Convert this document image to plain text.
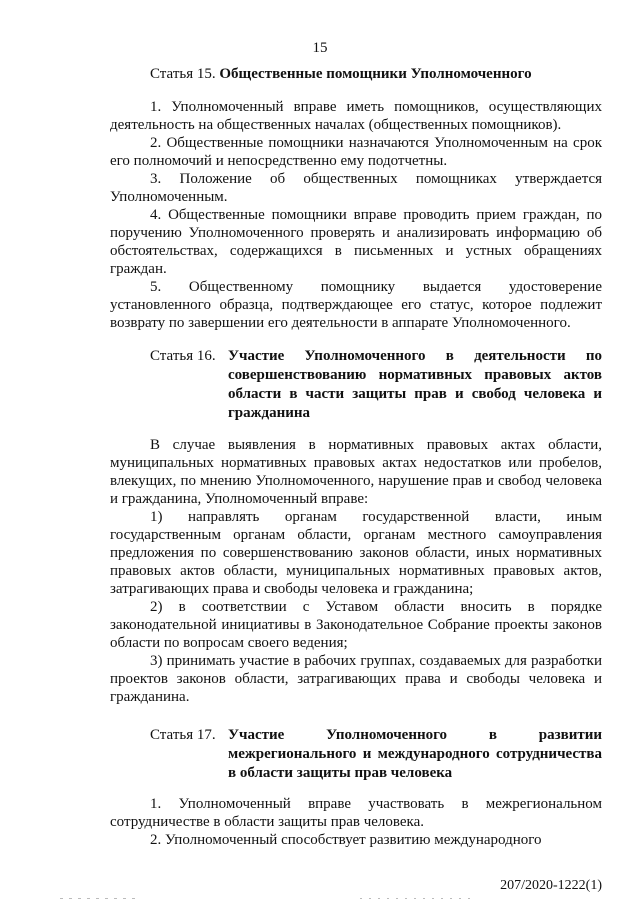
15
Статья 15. Общественные помощники Уполномоченного

1. Уполномоченный вправе иметь помощников, осуществляющих деятельность на общественных началах (общественных помощников).

2. Общественные помощники назначаются Уполномоченным на срок его полномочий и непосредственно ему подотчетны.

3. Положение об общественных помощниках утверждается Уполномоченным.

4. Общественные помощники вправе проводить прием граждан, по поручению Уполномоченного проверять и анализировать информацию об обстоятельствах, содержащихся в письменных и устных обращениях граждан.

5. Общественному помощнику выдается удостоверение установленного образца, подтверждающее его статус, которое подлежит возврату по завершении его деятельности в аппарате Уполномоченного.

Статья 16. Участие Уполномоченного в деятельности по совершенствованию нормативных правовых актов области в части защиты прав и свобод человека и гражданина

В случае выявления в нормативных правовых актах области, муниципальных нормативных правовых актах недостатков или пробелов, влекущих, по мнению Уполномоченного, нарушение прав и свобод человека и гражданина, Уполномоченный вправе:

1) направлять органам государственной власти, иным государственным органам области, органам местного самоуправления предложения по совершенствованию законов области, иных нормативных правовых актов области, муниципальных нормативных правовых актов, затрагивающих права и свободы человека и гражданина;

2) в соответствии с Уставом области вносить в порядке законодательной инициативы в Законодательное Собрание проекты законов области по вопросам своего ведения;

3) принимать участие в рабочих группах, создаваемых для разработки проектов законов области, затрагивающих права и свободы человека и гражданина.

Статья 17. Участие Уполномоченного в развитии межрегионального и международного сотрудничества в области защиты прав человека

1. Уполномоченный вправе участвовать в межрегиональном сотрудничестве в области защиты прав человека.

2. Уполномоченный способствует развитию международного

207/2020-1222(1)
